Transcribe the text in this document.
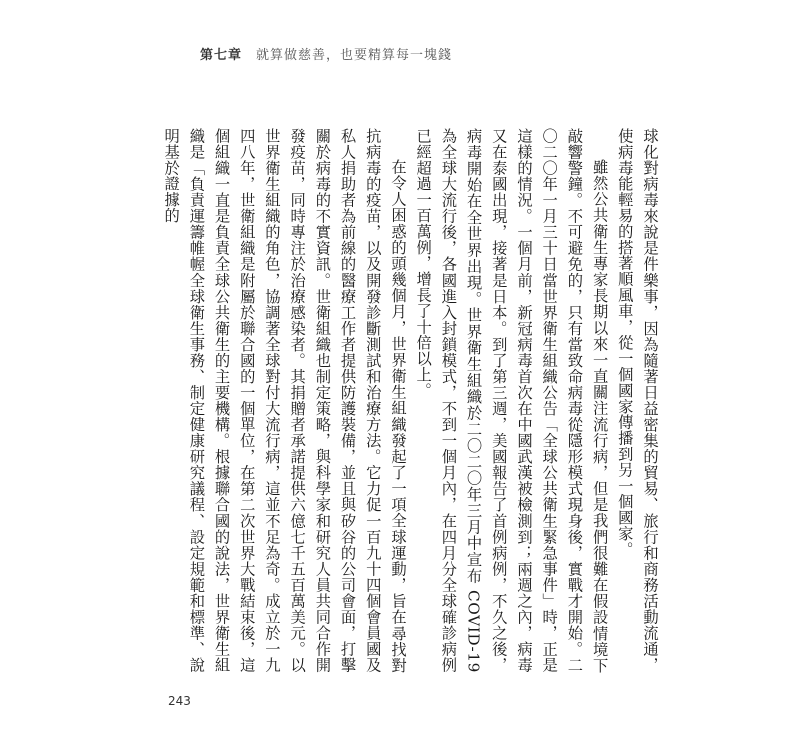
第七章 就算做慈善，也要精算每一塊錢

球化對病毒來說是件樂事，因為隨著日益密集的貿易、旅行和商務活動流通，使病毒能輕易的搭著順風車，從一個國家傳播到另一個國家。

雖然公共衛生專家長期以來一直關注流行病，但是我們很難在假設情境下敲響警鐘。不可避免的，只有當致命病毒從隱形模式現身後，實戰才開始。二〇二〇年一月三十日當世界衛生組織公告「全球公共衛生緊急事件」時，正是這樣的情況。一個月前，新冠病毒首次在中國武漢被檢測到；兩週之內，病毒又在泰國出現，接著是日本。到了第三週，美國報告了首例病例，不久之後，病毒開始在全世界出現。世界衛生組織於二〇二〇年三月中宣布 COVID-19 為全球大流行後，各國進入封鎖模式，不到一個月內，在四月分全球確診病例已經超過一百萬例，增長了十倍以上。

在令人困惑的頭幾個月，世界衛生組織發起了一項全球運動，旨在尋找對抗病毒的疫苗，以及開發診斷測試和治療方法。它力促一百九十四個會員國及私人捐助者為前線的醫療工作者提供防護裝備，並且與矽谷的公司會面，打擊關於病毒的不實資訊。世衛組織也制定策略，與科學家和研究人員共同合作開發疫苗，同時專注於治療感染者。其捐贈者承諾提供六億七千五百萬美元。以世界衛生組織的角色，協調著全球對付大流行病，這並不足為奇。成立於一九四八年，世衛組織是附屬於聯合國的一個單位，在第二次世界大戰結束後，這個組織一直是負責全球公共衛生的主要機構。根據聯合國的說法，世界衛生組織是「負責運籌帷幄全球衛生事務、制定健康研究議程、設定規範和標準、說明基於證據的

243
